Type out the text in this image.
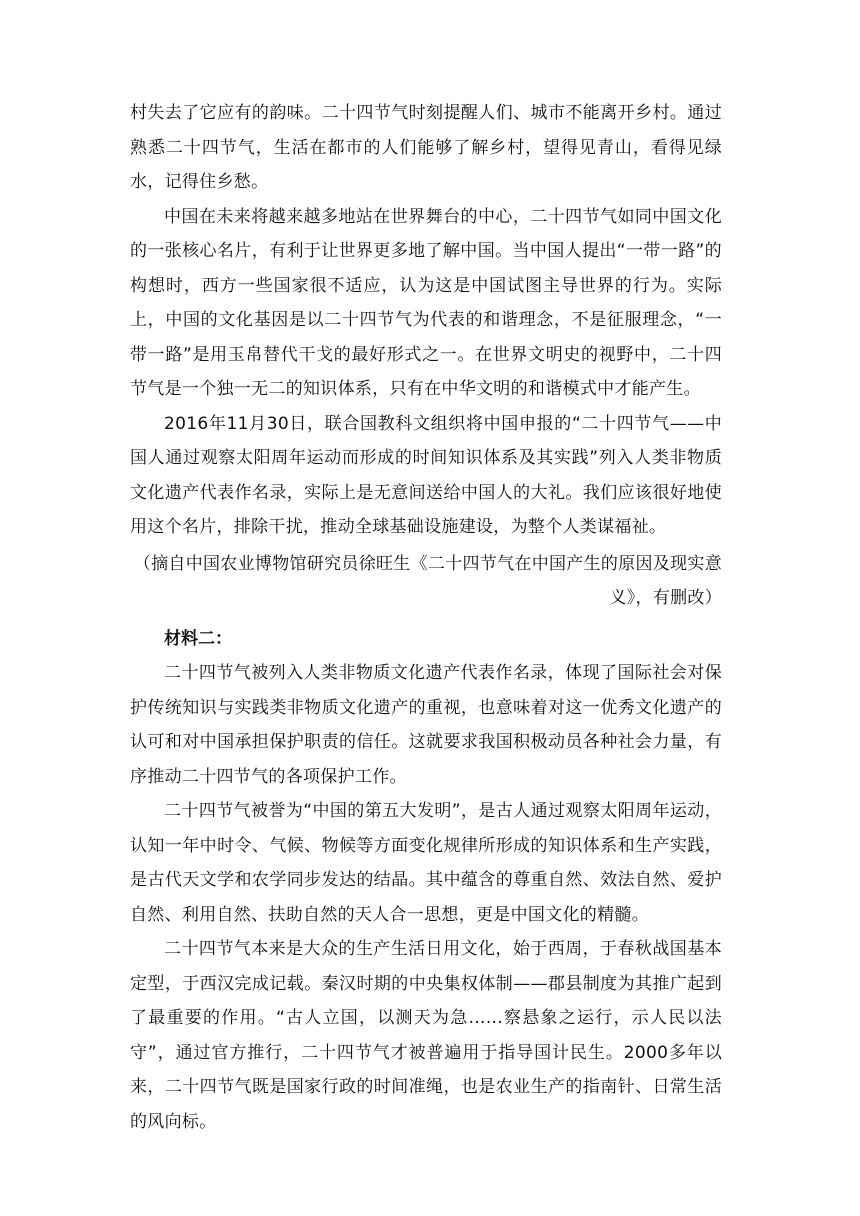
村失去了它应有的韵味。二十四节气时刻提醒人们、城市不能离开乡村。通过熟悉二十四节气，生活在都市的人们能够了解乡村，望得见青山，看得见绿水，记得住乡愁。

中国在未来将越来越多地站在世界舞台的中心，二十四节气如同中国文化的一张核心名片，有利于让世界更多地了解中国。当中国人提出“一带一路”的构想时，西方一些国家很不适应，认为这是中国试图主导世界的行为。实际上，中国的文化基因是以二十四节气为代表的和谐理念，不是征服理念，“一带一路”是用玉帛替代干戈的最好形式之一。在世界文明史的视野中，二十四节气是一个独一无二的知识体系，只有在中华文明的和谐模式中才能产生。

2016年11月30日，联合国教科文组织将中国申报的“二十四节气——中国人通过观察太阳周年运动而形成的时间知识体系及其实践”列入人类非物质文化遗产代表作名录，实际上是无意间送给中国人的大礼。我们应该很好地使用这个名片，排除干扰，推动全球基础设施建设，为整个人类谋福祉。

（摘自中国农业博物馆研究员徐旺生《二十四节气在中国产生的原因及现实意义》，有删改）

材料二：

二十四节气被列入人类非物质文化遗产代表作名录，体现了国际社会对保护传统知识与实践类非物质文化遗产的重视，也意味着对这一优秀文化遗产的认可和对中国承担保护职责的信任。这就要求我国积极动员各种社会力量，有序推动二十四节气的各项保护工作。

二十四节气被誉为“中国的第五大发明”，是古人通过观察太阳周年运动，认知一年中时令、气候、物候等方面变化规律所形成的知识体系和生产实践，是古代天文学和农学同步发达的结晶。其中蕴含的尊重自然、效法自然、爱护自然、利用自然、扶助自然的天人合一思想，更是中国文化的精髓。

二十四节气本来是大众的生产生活日用文化，始于西周，于春秋战国基本定型，于西汉完成记载。秦汉时期的中央集权体制——郡县制度为其推广起到了最重要的作用。“古人立国，以测天为急……察悬象之运行，示人民以法守”，通过官方推行，二十四节气才被普遍用于指导国计民生。2000多年以来，二十四节气既是国家行政的时间准绳，也是农业生产的指南针、日常生活的风向标。
